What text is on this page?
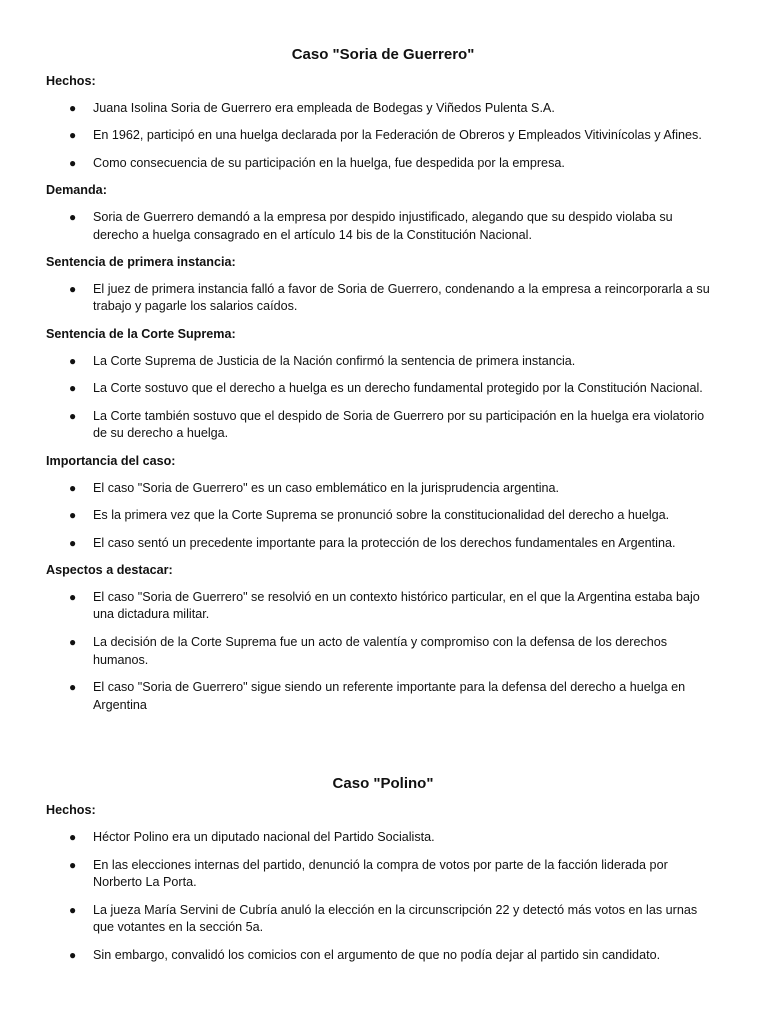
Caso "Soria de Guerrero"
Hechos:
● Juana Isolina Soria de Guerrero era empleada de Bodegas y Viñedos Pulenta S.A.
● En 1962, participó en una huelga declarada por la Federación de Obreros y Empleados Vitivinícolas y Afines.
● Como consecuencia de su participación en la huelga, fue despedida por la empresa.
Demanda:
● Soria de Guerrero demandó a la empresa por despido injustificado, alegando que su despido violaba su derecho a huelga consagrado en el artículo 14 bis de la Constitución Nacional.
Sentencia de primera instancia:
● El juez de primera instancia falló a favor de Soria de Guerrero, condenando a la empresa a reincorporarla a su trabajo y pagarle los salarios caídos.
Sentencia de la Corte Suprema:
● La Corte Suprema de Justicia de la Nación confirmó la sentencia de primera instancia.
● La Corte sostuvo que el derecho a huelga es un derecho fundamental protegido por la Constitución Nacional.
● La Corte también sostuvo que el despido de Soria de Guerrero por su participación en la huelga era violatorio de su derecho a huelga.
Importancia del caso:
● El caso "Soria de Guerrero" es un caso emblemático en la jurisprudencia argentina.
● Es la primera vez que la Corte Suprema se pronunció sobre la constitucionalidad del derecho a huelga.
● El caso sentó un precedente importante para la protección de los derechos fundamentales en Argentina.
Aspectos a destacar:
● El caso "Soria de Guerrero" se resolvió en un contexto histórico particular, en el que la Argentina estaba bajo una dictadura militar.
● La decisión de la Corte Suprema fue un acto de valentía y compromiso con la defensa de los derechos humanos.
● El caso "Soria de Guerrero" sigue siendo un referente importante para la defensa del derecho a huelga en Argentina
Caso "Polino"
Hechos:
● Héctor Polino era un diputado nacional del Partido Socialista.
● En las elecciones internas del partido, denunció la compra de votos por parte de la facción liderada por Norberto La Porta.
● La jueza María Servini de Cubría anuló la elección en la circunscripción 22 y detectó más votos en las urnas que votantes en la sección 5a.
● Sin embargo, convalidó los comicios con el argumento de que no podía dejar al partido sin candidato.
